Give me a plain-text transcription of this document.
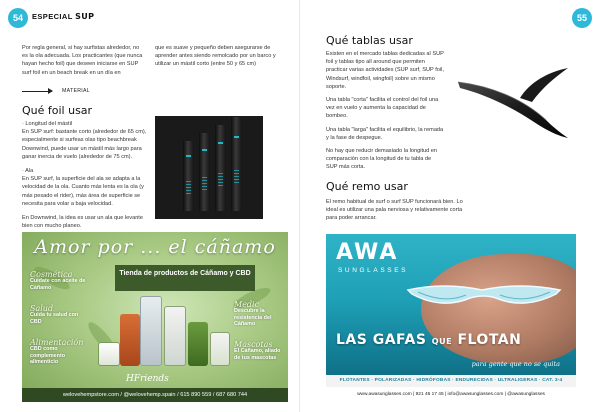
54	ESPECIAL SUP
Por regla general, si hay surfistas alrededor, no es la ola adecuada. Los practicantes (que nunca hayan hecho foil) que deseen iniciarse en SUP surf foil en un beach break en un día en
que es suave y pequeño deben asegurarse de aprender antes siendo remolcado por un barco y utilizar un mástil corto (entre 50 y 65 cm)
MATERIAL
Qué foil usar
· Longitud del mástil
En SUP surf: bastante corto (alrededor de 65 cm), especialmente si surfeas olas tipo beachbreak Downwind, puede usar un mástil más largo para ganar inercia de vuelo (alrededor de 75 cm).
· Ala
En SUP surf, la superficie del ala se adapta a la velocidad de la ola. Cuanto más lenta es la ola (y más pesado el rider), más área de superficie se necesita para volar a baja velocidad.
En Downwind, la idea es usar un ala que levante bien con mucho planeo.
Amor por ... el cáñamo
Tienda de productos de Cáñamo y CBD
Cosmética
Cuidate con aceite de Cáñamo
Salud
Cuida tu salud con CBD
Alimentación
CBD como complemento alimenticio
Medic
Descubre la resistencia del Cáñamo
Mascotas
El Cáñamo, aliado de tus mascotas
HFriends
welovehempstore.com / @welovehemp.spain / 615 890 559 / 687 680 744
55
Qué tablas usar
Existen en el mercado tablas dedicadas al SUP foil y tablas tipo all around que permiten practicar varias actividades (SUP surf, SUP foil, Windsurf, windfoil, wingfoil) sobre un mismo soporte.
Una tabla "corta" facilita el control del foil una vez en vuelo y aumenta la capacidad de bombeo.
Una tabla "larga" facilita el equilibrio, la remada y la fase de despegue.
No hay que reducir demasiado la longitud en comparación con la longitud de tu tabla de SUP más corta.
Qué remo usar
El remo habitual de surf o surf SUP funcionará bien. Lo ideal es utilizar una pala nerviosa y relativamente corta para poder arrancar.
AWA
SUNGLASSES
LAS GAFAS QUE FLOTAN
para gente que no se quita
FLOTANTES · POLARIZADAS · HIDRÓFOBAS · ENDURECIDAS · ULTRALIGERAS · CAT. 3-4
www.awasunglasses.com | 921 46 17 45 | info@awasunglasses.com | @awasunglasses
